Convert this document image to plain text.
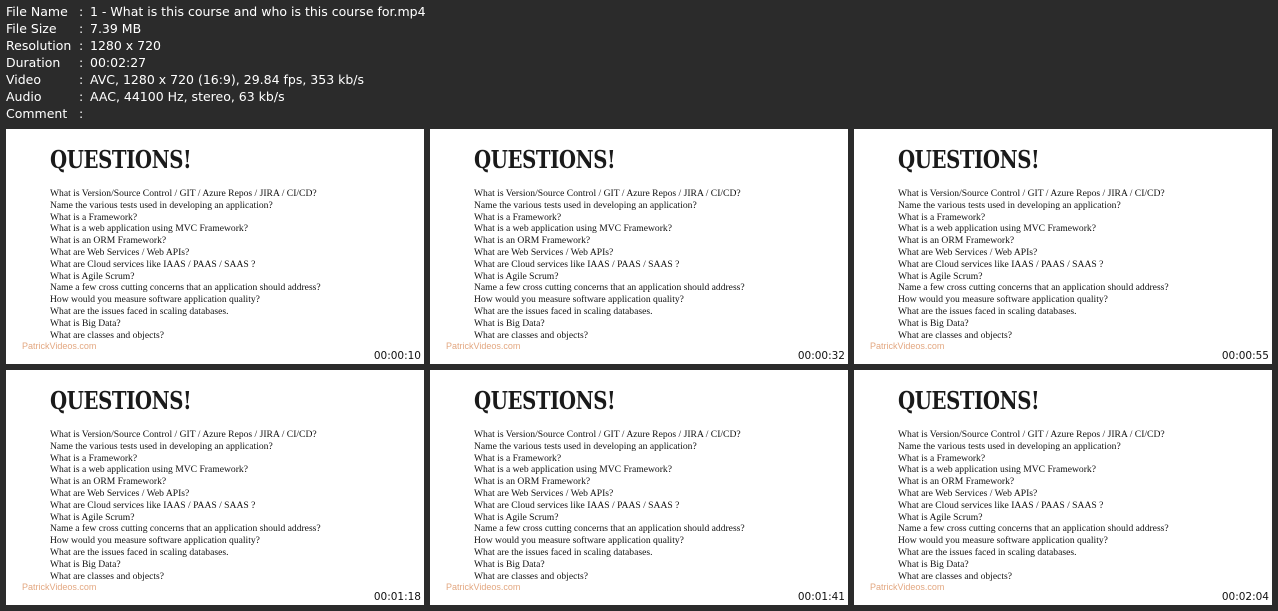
File Name : 1 - What is this course and who is this course for.mp4
File Size	: 7.39 MB
Resolution : 1280 x 720
Duration	: 00:02:27
Video	: AVC, 1280 x 720 (16:9), 29.84 fps, 353 kb/s
Audio	: AAC, 44100 Hz, stereo, 63 kb/s
Comment :
QUESTIONS!
What is Version/Source Control / GIT / Azure Repos / JIRA / CI/CD?
Name the various tests used in developing an application?
What is a Framework?
What is a web application using MVC Framework?
What is an ORM Framework?
What are Web Services / Web APIs?
What are Cloud services like IAAS / PAAS / SAAS ?
What is Agile Scrum?
Name a few cross cutting concerns that an application should address?
How would you measure software application quality?
What are the issues faced in scaling databases.
What is Big Data?
What are classes and objects?
PatrickVideos.com
00:00:10
QUESTIONS!
What is Version/Source Control / GIT / Azure Repos / JIRA / CI/CD?
Name the various tests used in developing an application?
What is a Framework?
What is a web application using MVC Framework?
What is an ORM Framework?
What are Web Services / Web APIs?
What are Cloud services like IAAS / PAAS / SAAS ?
What is Agile Scrum?
Name a few cross cutting concerns that an application should address?
How would you measure software application quality?
What are the issues faced in scaling databases.
What is Big Data?
What are classes and objects?
PatrickVideos.com
00:00:32
QUESTIONS!
What is Version/Source Control / GIT / Azure Repos / JIRA / CI/CD?
Name the various tests used in developing an application?
What is a Framework?
What is a web application using MVC Framework?
What is an ORM Framework?
What are Web Services / Web APIs?
What are Cloud services like IAAS / PAAS / SAAS ?
What is Agile Scrum?
Name a few cross cutting concerns that an application should address?
How would you measure software application quality?
What are the issues faced in scaling databases.
What is Big Data?
What are classes and objects?
PatrickVideos.com
00:00:55
QUESTIONS!
What is Version/Source Control / GIT / Azure Repos / JIRA / CI/CD?
Name the various tests used in developing an application?
What is a Framework?
What is a web application using MVC Framework?
What is an ORM Framework?
What are Web Services / Web APIs?
What are Cloud services like IAAS / PAAS / SAAS ?
What is Agile Scrum?
Name a few cross cutting concerns that an application should address?
How would you measure software application quality?
What are the issues faced in scaling databases.
What is Big Data?
What are classes and objects?
PatrickVideos.com
00:01:18
QUESTIONS!
What is Version/Source Control / GIT / Azure Repos / JIRA / CI/CD?
Name the various tests used in developing an application?
What is a Framework?
What is a web application using MVC Framework?
What is an ORM Framework?
What are Web Services / Web APIs?
What are Cloud services like IAAS / PAAS / SAAS ?
What is Agile Scrum?
Name a few cross cutting concerns that an application should address?
How would you measure software application quality?
What are the issues faced in scaling databases.
What is Big Data?
What are classes and objects?
PatrickVideos.com
00:01:41
QUESTIONS!
What is Version/Source Control / GIT / Azure Repos / JIRA / CI/CD?
Name the various tests used in developing an application?
What is a Framework?
What is a web application using MVC Framework?
What is an ORM Framework?
What are Web Services / Web APIs?
What are Cloud services like IAAS / PAAS / SAAS ?
What is Agile Scrum?
Name a few cross cutting concerns that an application should address?
How would you measure software application quality?
What are the issues faced in scaling databases.
What is Big Data?
What are classes and objects?
PatrickVideos.com
00:02:04
